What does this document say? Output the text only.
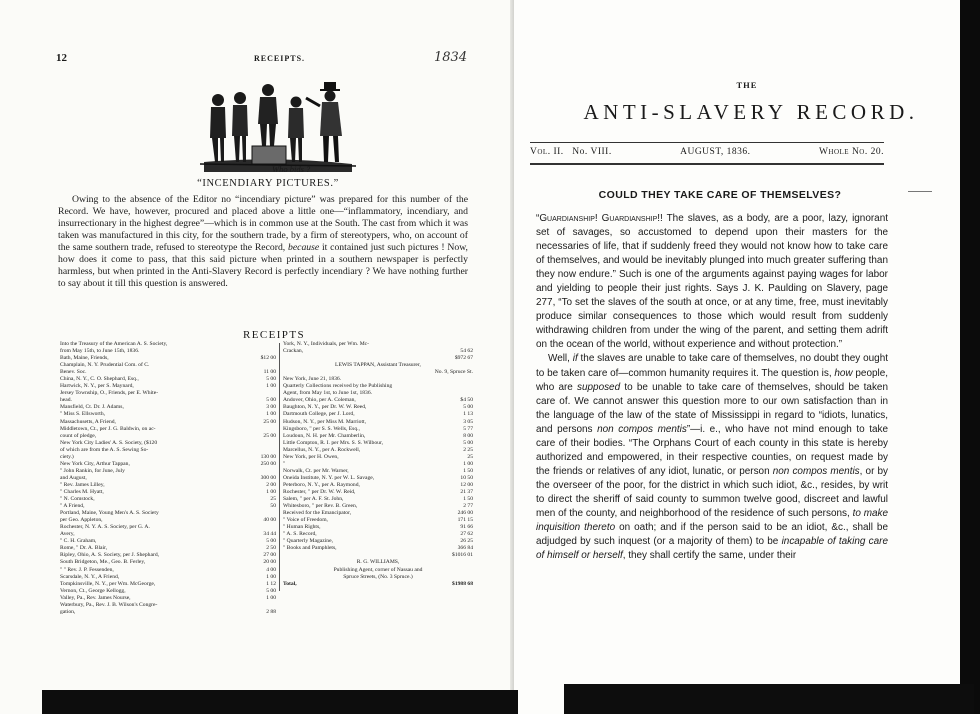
12	RECEIPTS.	1834
Who bids ?
“INCENDIARY PICTURES.”

Owing to the absence of the Editor no “incendiary picture” was prepared for this number of the Record. We have, however, procured and placed above a little one—“inflammatory, incendiary, and insurrectionary in the highest degree”—which is in common use at the South. The cast from which it was taken was manufactured in this city, for the southern trade, by a firm of stereotypers, who, on account of the same southern trade, refused to stereotype the Record, because it contained just such pictures ! Now, how does it come to pass, that this said picture when printed in a southern newspaper is perfectly harmless, but when printed in the Anti-Slavery Record is perfectly incendiary ? We have nothing further to say about it till this question is answered.

RECEIPTS
Into the Treasury of the American A. S. Society,
from May 15th, to June 15th, 1836.
Bath, Maine, Friends,	$12 00
Champlain, N. Y. Prudential Com. of C.
Benev. Soc.	11 00
China, N. Y., C. O. Shephard, Esq.,	5 00
Hartwick, N. Y., per S. Maynard,	1 00
Jersey Township, O., Friends, per E. White-
head.	5 00
Mansfield, Ct. Dr. J. Adams,	3 00
" Miss S. Ellsworth,	1 00
Massachusetts, A Friend,	25 00
Middletown, Ct., per J. G. Baldwin, on ac-
count of pledge,	25 00
New York City Ladies' A. S. Society, ($120
of which are from the A. S. Sewing So-
ciety.)	130 00
New York City, Arthur Tappan,	250 00
" John Rankin, for June, July
and August,	300 00
" Rev. James Lilley,	2 00
" Charles M. Hyatt,	1 00
" N. Comstock,	25
" A Friend,	50
Portland, Maine, Young Men's A. S. Society
per Geo. Appleton,	40 00
Rochester, N. Y. A. S. Society, per G. A.
Avery,	34 44
" C. H. Graham,	5 00
Rome, " Dr. A. Blair,	2 50
Ripley, Ohio, A. S. Society, per J. Shephard,	27 00
South Bridgeton, Me., Geo. B. Ferley,	20 00
" " Rev. J. P. Fessenden,	4 00
Scarsdale, N. Y., A Friend,	1 00
Tompkinsville, N. Y., per Wm. McGeorge,	1 12
Vernon, Ct., George Kellogg,	5 00
Valley, Pa., Rev. James Nourse,	1 00
Waterbury, Pa., Rev. J. B. Wilson's Congre-
gation,	2 88
York, N. Y., Individuals, per Wm. Mc-
Crackan,	54 62
$972 67
LEWIS TAPPAN, Assistant Treasurer,
No. 9, Spruce St.
New York, June 21, 1836.
Quarterly Collections received by the Publishing
Agent, from May 1st, to June 1st, 1836.
Andover, Ohio, per A. Coleman,	$4 50
Baughton, N. Y., per Dr. W. W. Reed,	5 00
Dartmouth College, per J. Lord,	1 13
Hudson, N. Y., per Miss M. Marriott,	3 05
Kingsboro, " per S. S. Wells, Esq.,	5 77
Loudoun, N. H. per Mr. Chamberlin,	8 00
Little Compton, R. I. per Mrs. S. S. Wilbour,	5 00
Marcellus, N. Y., per A. Rockwell,	2 25
New York, per H. Owen,	25
"	1 00
Norwalk, Ct. per Mr. Warner,	1 50
Oneida Institute, N. Y. per W. L. Savage,	10 50
Peterboro, N. Y., per A. Raymond,	12 00
Rochester, " per Dr. W. W. Reid,	21 37
Salem, " per A. F. St. John,	1 50
Whitesboro, " per Rev. B. Green,	2 77
Received for the Emancipator,	246 00
" Voice of Freedom,	171 15
" Human Rights,	91 66
" A. S. Record,	27 62
" Quarterly Magazine,	26 25
" Books and Pamphlets,	366 84
$1016 01
R. G. WILLIAMS,
Publishing Agent, corner of Nassau and
Spruce Streets, (No. 3 Spruce.)
Total,	$1988 68
THE
ANTI-SLAVERY RECORD.
Vol. II. No. VIII.	AUGUST, 1836.	Whole No. 20.
COULD THEY TAKE CARE OF THEMSELVES?

“Guardianship! Guardianship!! The slaves, as a body, are a poor, lazy, ignorant set of savages, so accustomed to depend upon their masters for the necessaries of life, that if suddenly freed they would not know how to take care of themselves, and would be inevitably plunged into much greater suffering than they now endure.” Such is one of the arguments against paying wages for labor and yielding to people their just rights. Says J. K. Paulding on Slavery, page 277, “To set the slaves of the south at once, or at any time, free, must inevitably produce similar consequences to those which would result from suddenly withdrawing children from under the wing of the parent, and setting them adrift on the ocean of the world, without experience and without protection.”

Well, if the slaves are unable to take care of themselves, no doubt they ought to be taken care of—common humanity requires it. The question is, how people, who are supposed to be unable to take care of themselves, should be taken care of. We cannot answer this question more to our own satisfaction than in the language of the law of the state of Mississippi in regard to “idiots, lunatics, and persons non compos mentis”—i. e., who have not mind enough to take care of their bodies. “The Orphans Court of each county in this state is hereby authorized and empowered, in their respective counties, on request made by the friends or relatives of any idiot, lunatic, or person non compos mentis, or by the overseer of the poor, for the district in which such idiot, &c., resides, by writ to direct the sheriff of said county to summon twelve good, discreet and lawful men of the county, and neighborhood of the residence of such persons, to make inquisition thereto on oath; and if the person said to be an idiot, &c., shall be adjudged by such inquest (or a majority of them) to be incapable of taking care of himself or herself, they shall certify the same, under their
